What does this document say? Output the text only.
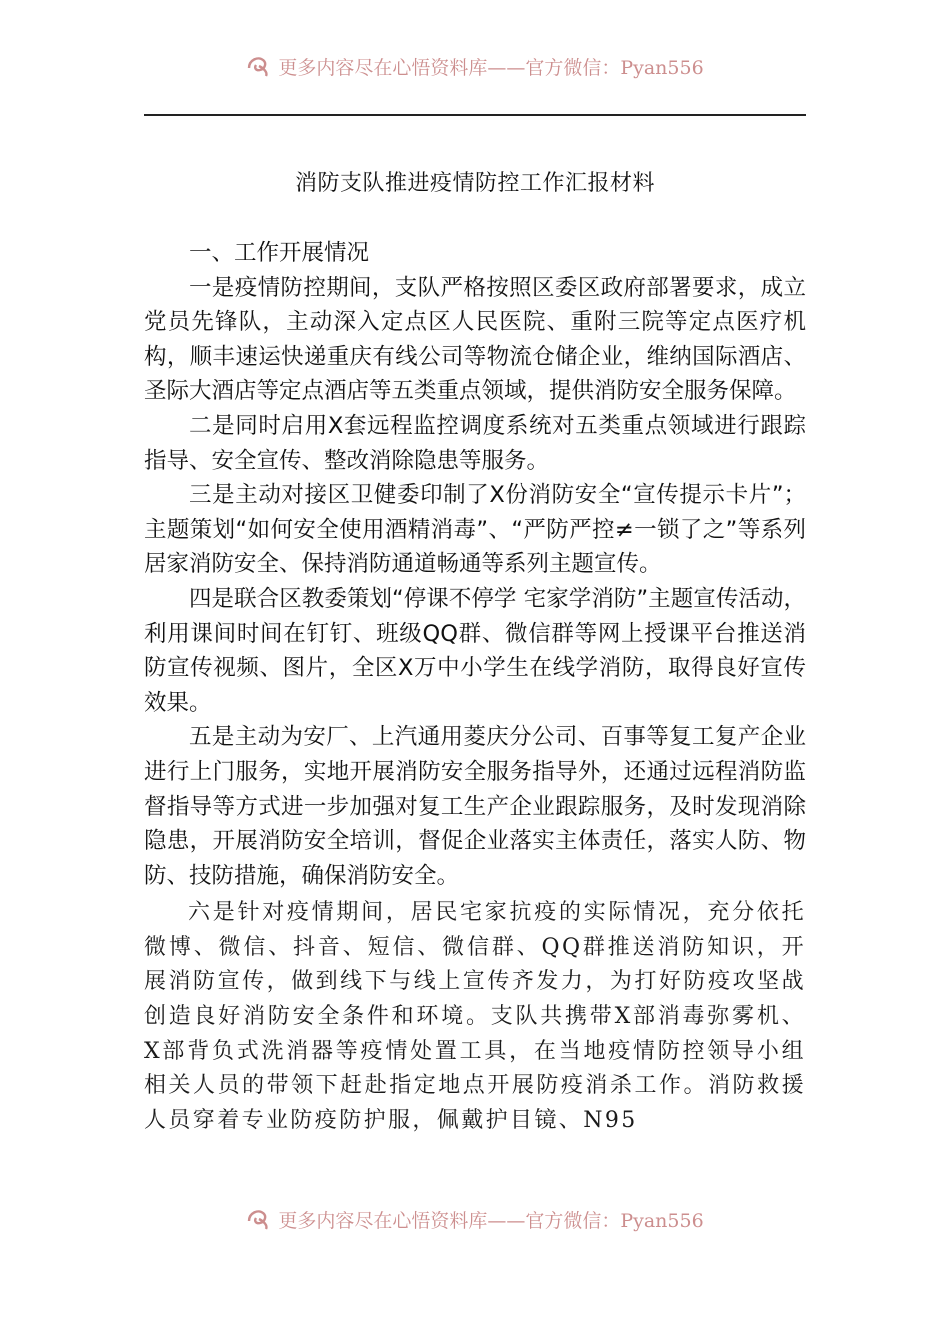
更多内容尽在心悟资料库——官方微信：Pyan556
消防支队推进疫情防控工作汇报材料

一、工作开展情况

一是疫情防控期间，支队严格按照区委区政府部署要求，成立党员先锋队，主动深入定点区人民医院、重附三院等定点医疗机构，顺丰速运快递重庆有线公司等物流仓储企业，维纳国际酒店、圣际大酒店等定点酒店等五类重点领域，提供消防安全服务保障。

二是同时启用X套远程监控调度系统对五类重点领域进行跟踪指导、安全宣传、整改消除隐患等服务。

三是主动对接区卫健委印制了X份消防安全“宣传提示卡片”；主题策划“如何安全使用酒精消毒”、“严防严控≠一锁了之”等系列居家消防安全、保持消防通道畅通等系列主题宣传。

四是联合区教委策划“停课不停学 宅家学消防”主题宣传活动，利用课间时间在钉钉、班级QQ群、微信群等网上授课平台推送消防宣传视频、图片，全区X万中小学生在线学消防，取得良好宣传效果。

五是主动为安厂、上汽通用菱庆分公司、百事等复工复产企业进行上门服务，实地开展消防安全服务指导外，还通过远程消防监督指导等方式进一步加强对复工生产企业跟踪服务，及时发现消除隐患，开展消防安全培训，督促企业落实主体责任，落实人防、物防、技防措施，确保消防安全。

六是针对疫情期间，居民宅家抗疫的实际情况，充分依托微博、微信、抖音、短信、微信群、QQ群推送消防知识，开展消防宣传，做到线下与线上宣传齐发力，为打好防疫攻坚战创造良好消防安全条件和环境。支队共携带X部消毒弥雾机、X部背负式洗消器等疫情处置工具，在当地疫情防控领导小组相关人员的带领下赶赴指定地点开展防疫消杀工作。消防救援人员穿着专业防疫防护服，佩戴护目镜、N95

更多内容尽在心悟资料库——官方微信：Pyan556
